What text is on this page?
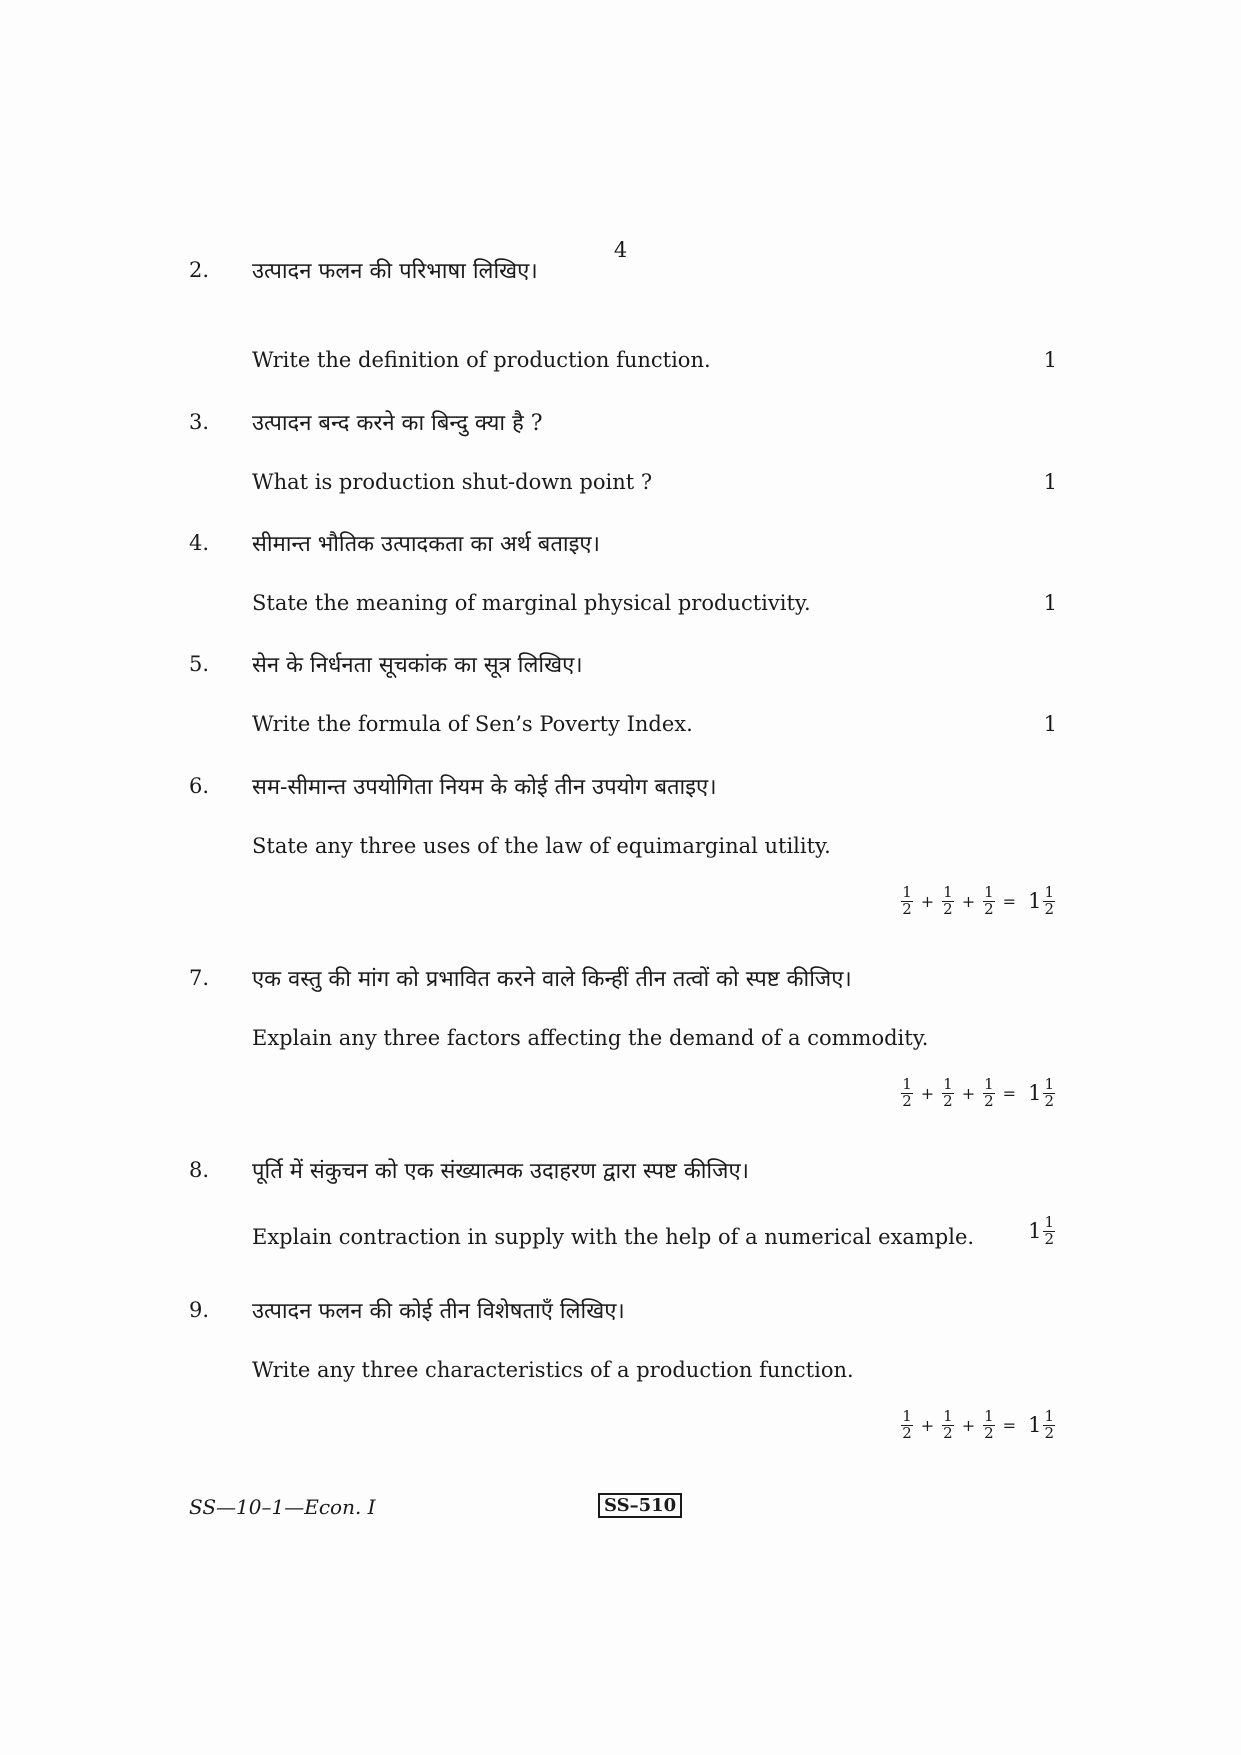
4
2. उत्पादन फलन की परिभाषा लिखिए।
Write the definition of production function.	1
3. उत्पादन बन्द करने का बिन्दु क्या है ?
What is production shut-down point ?	1
4. सीमान्त भौतिक उत्पादकता का अर्थ बताइए।
State the meaning of marginal physical productivity.	1
5. सेन के निर्धनता सूचकांक का सूत्र लिखिए।
Write the formula of Sen’s Poverty Index.	1
6. सम-सीमान्त उपयोगिता नियम के कोई तीन उपयोग बताइए।
State any three uses of the law of equimarginal utility.
$\frac{1}{2} + \frac{1}{2} + \frac{1}{2} = 1 \frac{1}{2}$
7. एक वस्तु की मांग को प्रभावित करने वाले किन्हीं तीन तत्वों को स्पष्ट कीजिए।
Explain any three factors affecting the demand of a commodity.
$\frac{1}{2} + \frac{1}{2} + \frac{1}{2} = 1 \frac{1}{2}$
8. पूर्ति में संकुचन को एक संख्यात्मक उदाहरण द्वारा स्पष्ट कीजिए।
Explain contraction in supply with the help of a numerical example.	$1 \frac{1}{2}$
9. उत्पादन फलन की कोई तीन विशेषताएँ लिखिए।
Write any three characteristics of a production function.
$\frac{1}{2} + \frac{1}{2} + \frac{1}{2} = 1 \frac{1}{2}$
SS—10–1—Econ. I	SS–510
